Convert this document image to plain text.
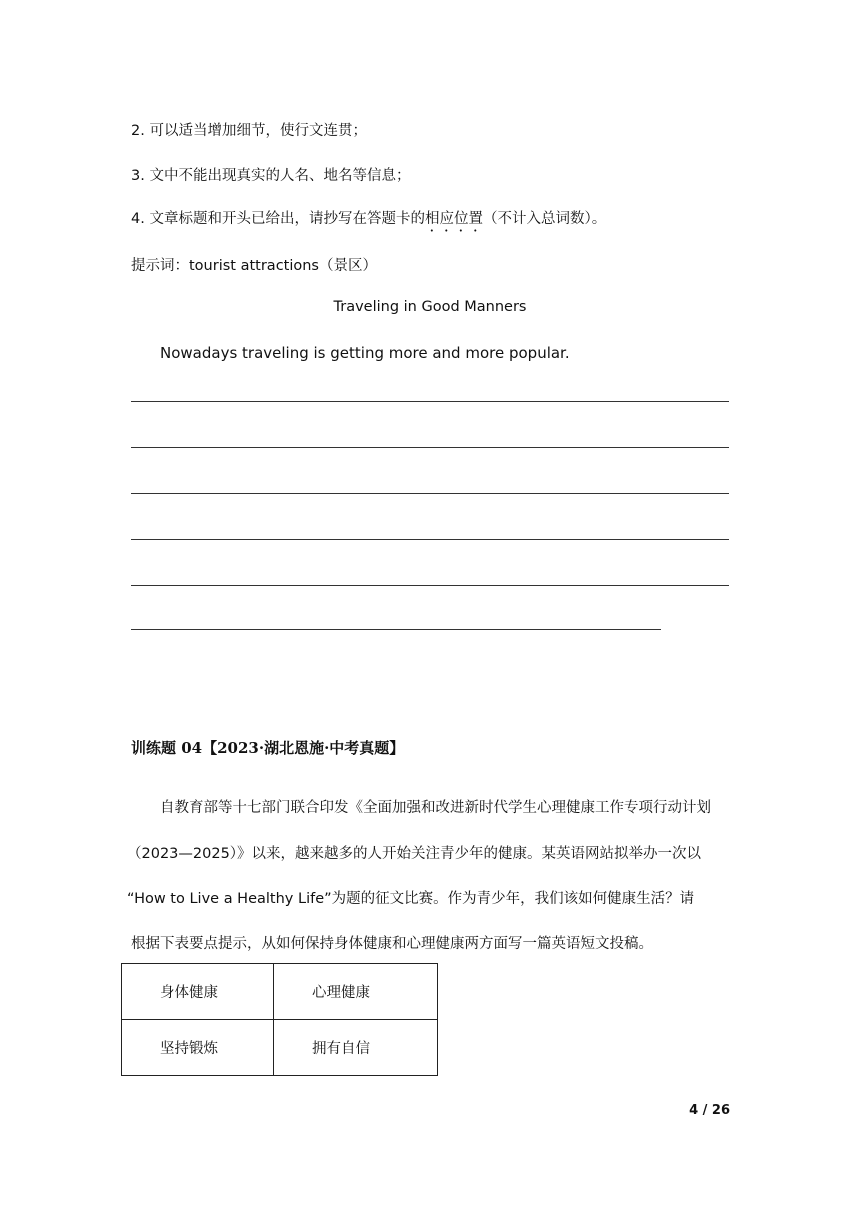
2. 可以适当增加细节，使行文连贯；
3. 文中不能出现真实的人名、地名等信息；
4. 文章标题和开头已给出，请抄写在答题卡的相应位置（不计入总词数）。
提示词：tourist attractions（景区）
Traveling in Good Manners
Nowadays traveling is getting more and more popular.
训练题 04【2023·湖北恩施·中考真题】
自教育部等十七部门联合印发《全面加强和改进新时代学生心理健康工作专项行动计划
（2023—2025）》以来，越来越多的人开始关注青少年的健康。某英语网站拟举办一次以
“How to Live a Healthy Life”为题的征文比赛。作为青少年，我们该如何健康生活？请
根据下表要点提示，从如何保持身体健康和心理健康两方面写一篇英语短文投稿。
身体健康	心理健康
坚持锻炼	拥有自信
4 / 26
